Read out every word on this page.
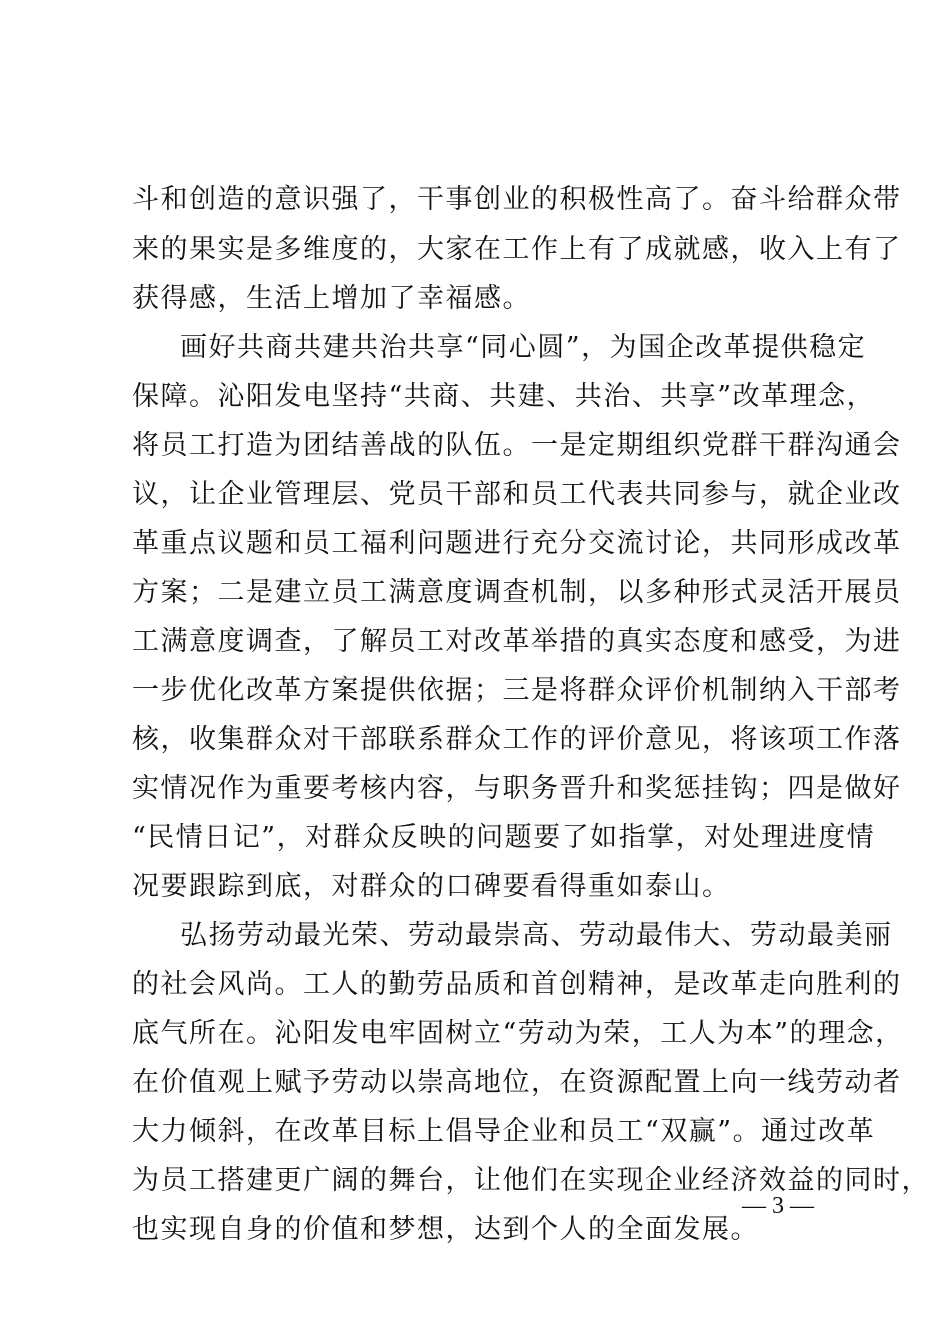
斗和创造的意识强了，干事创业的积极性高了。奋斗给群众带
来的果实是多维度的，大家在工作上有了成就感，收入上有了
获得感，生活上增加了幸福感。
画好共商共建共治共享“同心圆”，为国企改革提供稳定
保障。沁阳发电坚持“共商、共建、共治、共享”改革理念，
将员工打造为团结善战的队伍。一是定期组织党群干群沟通会
议，让企业管理层、党员干部和员工代表共同参与，就企业改
革重点议题和员工福利问题进行充分交流讨论，共同形成改革
方案；二是建立员工满意度调查机制，以多种形式灵活开展员
工满意度调查，了解员工对改革举措的真实态度和感受，为进
一步优化改革方案提供依据；三是将群众评价机制纳入干部考
核，收集群众对干部联系群众工作的评价意见，将该项工作落
实情况作为重要考核内容，与职务晋升和奖惩挂钩；四是做好
“民情日记”，对群众反映的问题要了如指掌，对处理进度情
况要跟踪到底，对群众的口碑要看得重如泰山。
弘扬劳动最光荣、劳动最崇高、劳动最伟大、劳动最美丽
的社会风尚。工人的勤劳品质和首创精神，是改革走向胜利的
底气所在。沁阳发电牢固树立“劳动为荣，工人为本”的理念，
在价值观上赋予劳动以崇高地位，在资源配置上向一线劳动者
大力倾斜，在改革目标上倡导企业和员工“双赢”。通过改革
为员工搭建更广阔的舞台，让他们在实现企业经济效益的同时，
也实现自身的价值和梦想，达到个人的全面发展。
— 3 —
